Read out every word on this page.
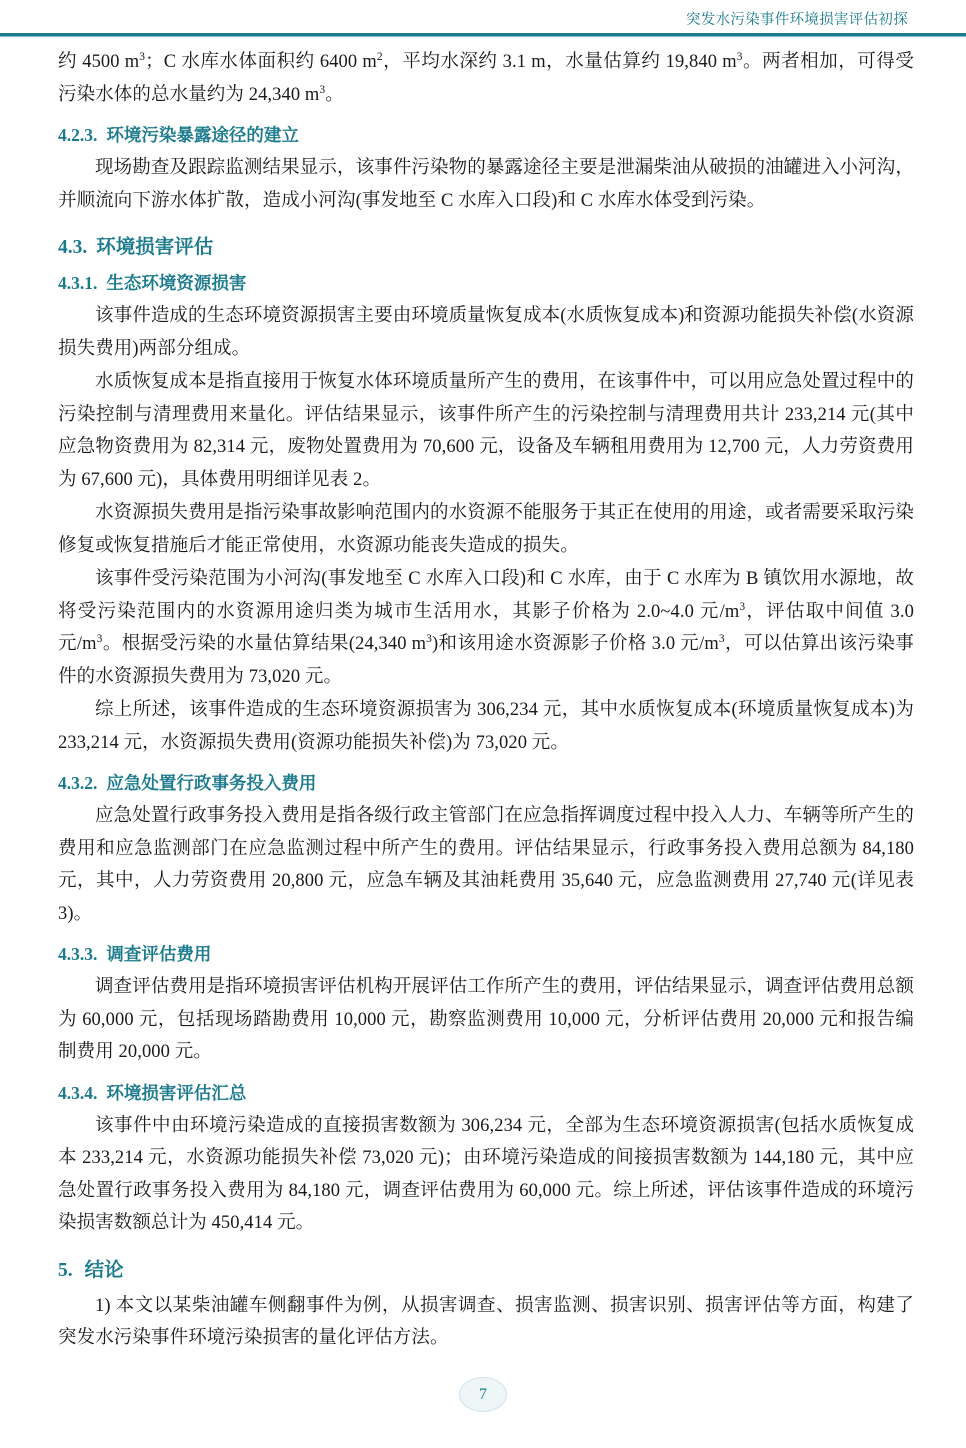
突发水污染事件环境损害评估初探

约 4500 $m^3$；C 水库水体面积约 6400 $m^2$，平均水深约 3.1 m，水量估算约 19,840 $m^3$。两者相加，可得受污染水体的总水量约为 24,340 $m^3$。

4.2.3. 环境污染暴露途径的建立

现场勘查及跟踪监测结果显示，该事件污染物的暴露途径主要是泄漏柴油从破损的油罐进入小河沟，并顺流向下游水体扩散，造成小河沟(事发地至 C 水库入口段)和 C 水库水体受到污染。

4.3. 环境损害评估
4.3.1. 生态环境资源损害

该事件造成的生态环境资源损害主要由环境质量恢复成本(水质恢复成本)和资源功能损失补偿(水资源损失费用)两部分组成。

水质恢复成本是指直接用于恢复水体环境质量所产生的费用，在该事件中，可以用应急处置过程中的污染控制与清理费用来量化。评估结果显示，该事件所产生的污染控制与清理费用共计 233,214 元(其中应急物资费用为 82,314 元，废物处置费用为 70,600 元，设备及车辆租用费用为 12,700 元，人力劳资费用为 67,600 元)，具体费用明细详见表 2。

水资源损失费用是指污染事故影响范围内的水资源不能服务于其正在使用的用途，或者需要采取污染修复或恢复措施后才能正常使用，水资源功能丧失造成的损失。

该事件受污染范围为小河沟(事发地至 C 水库入口段)和 C 水库，由于 C 水库为 B 镇饮用水源地，故将受污染范围内的水资源用途归类为城市生活用水，其影子价格为 2.0~4.0 元$/m^3$，评估取中间值 3.0 元$/m^3$。根据受污染的水量估算结果(24,340 $m^3$)和该用途水资源影子价格 3.0 元$/m^3$，可以估算出该污染事件的水资源损失费用为 73,020 元。

综上所述，该事件造成的生态环境资源损害为 306,234 元，其中水质恢复成本(环境质量恢复成本)为 233,214 元，水资源损失费用(资源功能损失补偿)为 73,020 元。

4.3.2. 应急处置行政事务投入费用

应急处置行政事务投入费用是指各级行政主管部门在应急指挥调度过程中投入人力、车辆等所产生的费用和应急监测部门在应急监测过程中所产生的费用。评估结果显示，行政事务投入费用总额为 84,180 元，其中，人力劳资费用 20,800 元，应急车辆及其油耗费用 35,640 元，应急监测费用 27,740 元(详见表 3)。

4.3.3. 调查评估费用

调查评估费用是指环境损害评估机构开展评估工作所产生的费用，评估结果显示，调查评估费用总额为 60,000 元，包括现场踏勘费用 10,000 元，勘察监测费用 10,000 元，分析评估费用 20,000 元和报告编制费用 20,000 元。

4.3.4. 环境损害评估汇总

该事件中由环境污染造成的直接损害数额为 306,234 元，全部为生态环境资源损害(包括水质恢复成本 233,214 元，水资源功能损失补偿 73,020 元)；由环境污染造成的间接损害数额为 144,180 元，其中应急处置行政事务投入费用为 84,180 元，调查评估费用为 60,000 元。综上所述，评估该事件造成的环境污染损害数额总计为 450,414 元。

5. 结论

1) 本文以某柴油罐车侧翻事件为例，从损害调查、损害监测、损害识别、损害评估等方面，构建了突发水污染事件环境污染损害的量化评估方法。

7
